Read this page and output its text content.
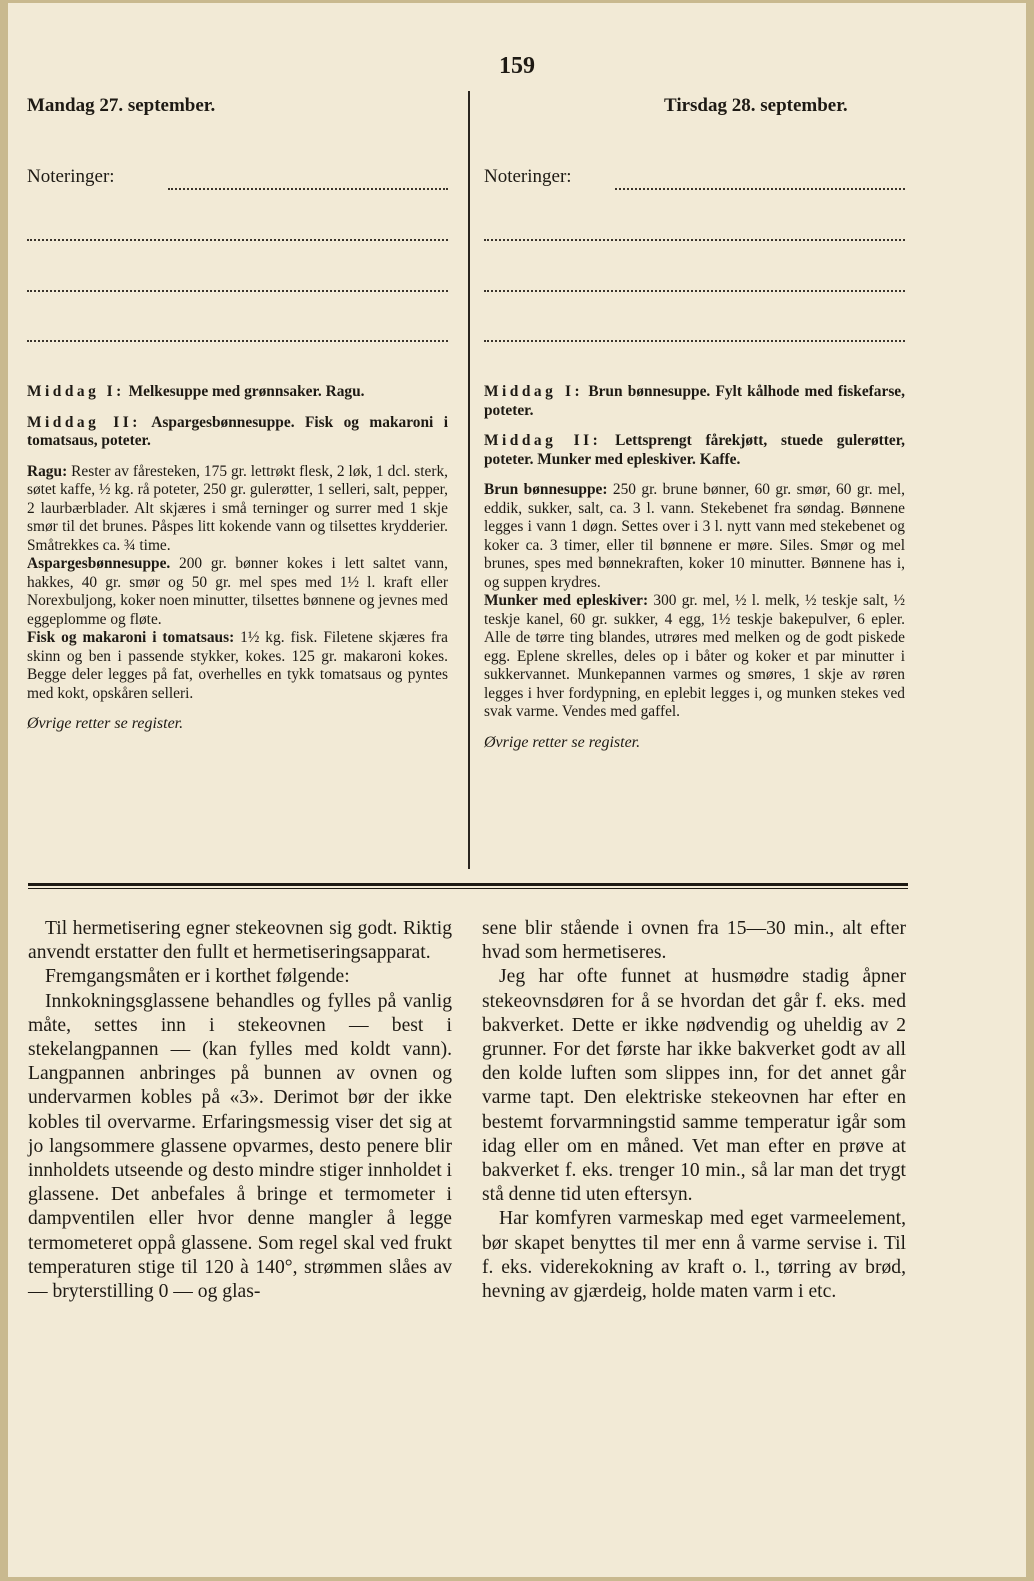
159
Mandag 27. september.	Tirsdag 28. september.
Noteringer:	Noteringer:

Middag I: Melkesuppe med grønnsaker. Ragu.

Middag II: Aspargesbønnesuppe. Fisk og makaroni i tomatsaus, poteter.

Ragu: Rester av fåresteken, 175 gr. lettrøkt flesk, 2 løk, 1 dcl. sterk, søtet kaffe, ½ kg. rå poteter, 250 gr. gulerøtter, 1 selleri, salt, pepper, 2 laurbærblader. Alt skjæres i små terninger og surrer med 1 skje smør til det brunes. Påspes litt kokende vann og tilsettes krydderier. Småtrekkes ca. ¾ time.

Aspargesbønnesuppe. 200 gr. bønner kokes i lett saltet vann, hakkes, 40 gr. smør og 50 gr. mel spes med 1½ l. kraft eller Norexbuljong, koker noen minutter, tilsettes bønnene og jevnes med eggeplomme og fløte.

Fisk og makaroni i tomatsaus: 1½ kg. fisk. Filetene skjæres fra skinn og ben i passende stykker, kokes. 125 gr. makaroni kokes. Begge deler legges på fat, overhelles en tykk tomatsaus og pyntes med kokt, opskåren selleri.

Øvrige retter se register.

Middag I: Brun bønnesuppe. Fylt kålhode med fiskefarse, poteter.

Middag II: Lettsprengt fårekjøtt, stuede gulerøtter, poteter. Munker med epleskiver. Kaffe.

Brun bønnesuppe: 250 gr. brune bønner, 60 gr. smør, 60 gr. mel, eddik, sukker, salt, ca. 3 l. vann. Stekebenet fra søndag. Bønnene legges i vann 1 døgn. Settes over i 3 l. nytt vann med stekebenet og koker ca. 3 timer, eller til bønnene er møre. Siles. Smør og mel brunes, spes med bønnekraften, koker 10 minutter. Bønnene has i, og suppen krydres.

Munker med epleskiver: 300 gr. mel, ½ l. melk, ½ teskje salt, ½ teskje kanel, 60 gr. sukker, 4 egg, 1½ teskje bakepulver, 6 epler. Alle de tørre ting blandes, utrøres med melken og de godt piskede egg. Eplene skrelles, deles op i båter og koker et par minutter i sukkervannet. Munkepannen varmes og smøres, 1 skje av røren legges i hver fordypning, en eplebit legges i, og munken stekes ved svak varme. Vendes med gaffel.

Øvrige retter se register.

Til hermetisering egner stekeovnen sig godt. Riktig anvendt erstatter den fullt et hermetiseringsapparat.

Fremgangsmåten er i korthet følgende:

Innkokningsglassene behandles og fylles på vanlig måte, settes inn i stekeovnen — best i stekelangpannen — (kan fylles med koldt vann). Langpannen anbringes på bunnen av ovnen og undervarmen kobles på «3». Derimot bør der ikke kobles til overvarme. Erfaringsmessig viser det sig at jo langsommere glassene opvarmes, desto penere blir innholdets utseende og desto mindre stiger innholdet i glassene. Det anbefales å bringe et termometer i dampventilen eller hvor denne mangler å legge termometeret oppå glassene. Som regel skal ved frukt temperaturen stige til 120 à 140°, strømmen slåes av — bryterstilling 0 — og glas-

sene blir stående i ovnen fra 15—30 min., alt efter hvad som hermetiseres.

Jeg har ofte funnet at husmødre stadig åpner stekeovnsdøren for å se hvordan det går f. eks. med bakverket. Dette er ikke nødvendig og uheldig av 2 grunner. For det første har ikke bakverket godt av all den kolde luften som slippes inn, for det annet går varme tapt. Den elektriske stekeovnen har efter en bestemt forvarmningstid samme temperatur igår som idag eller om en måned. Vet man efter en prøve at bakverket f. eks. trenger 10 min., så lar man det trygt stå denne tid uten eftersyn.

Har komfyren varmeskap med eget varmeelement, bør skapet benyttes til mer enn å varme servise i. Til f. eks. viderekokning av kraft o. l., tørring av brød, hevning av gjærdeig, holde maten varm i etc.
